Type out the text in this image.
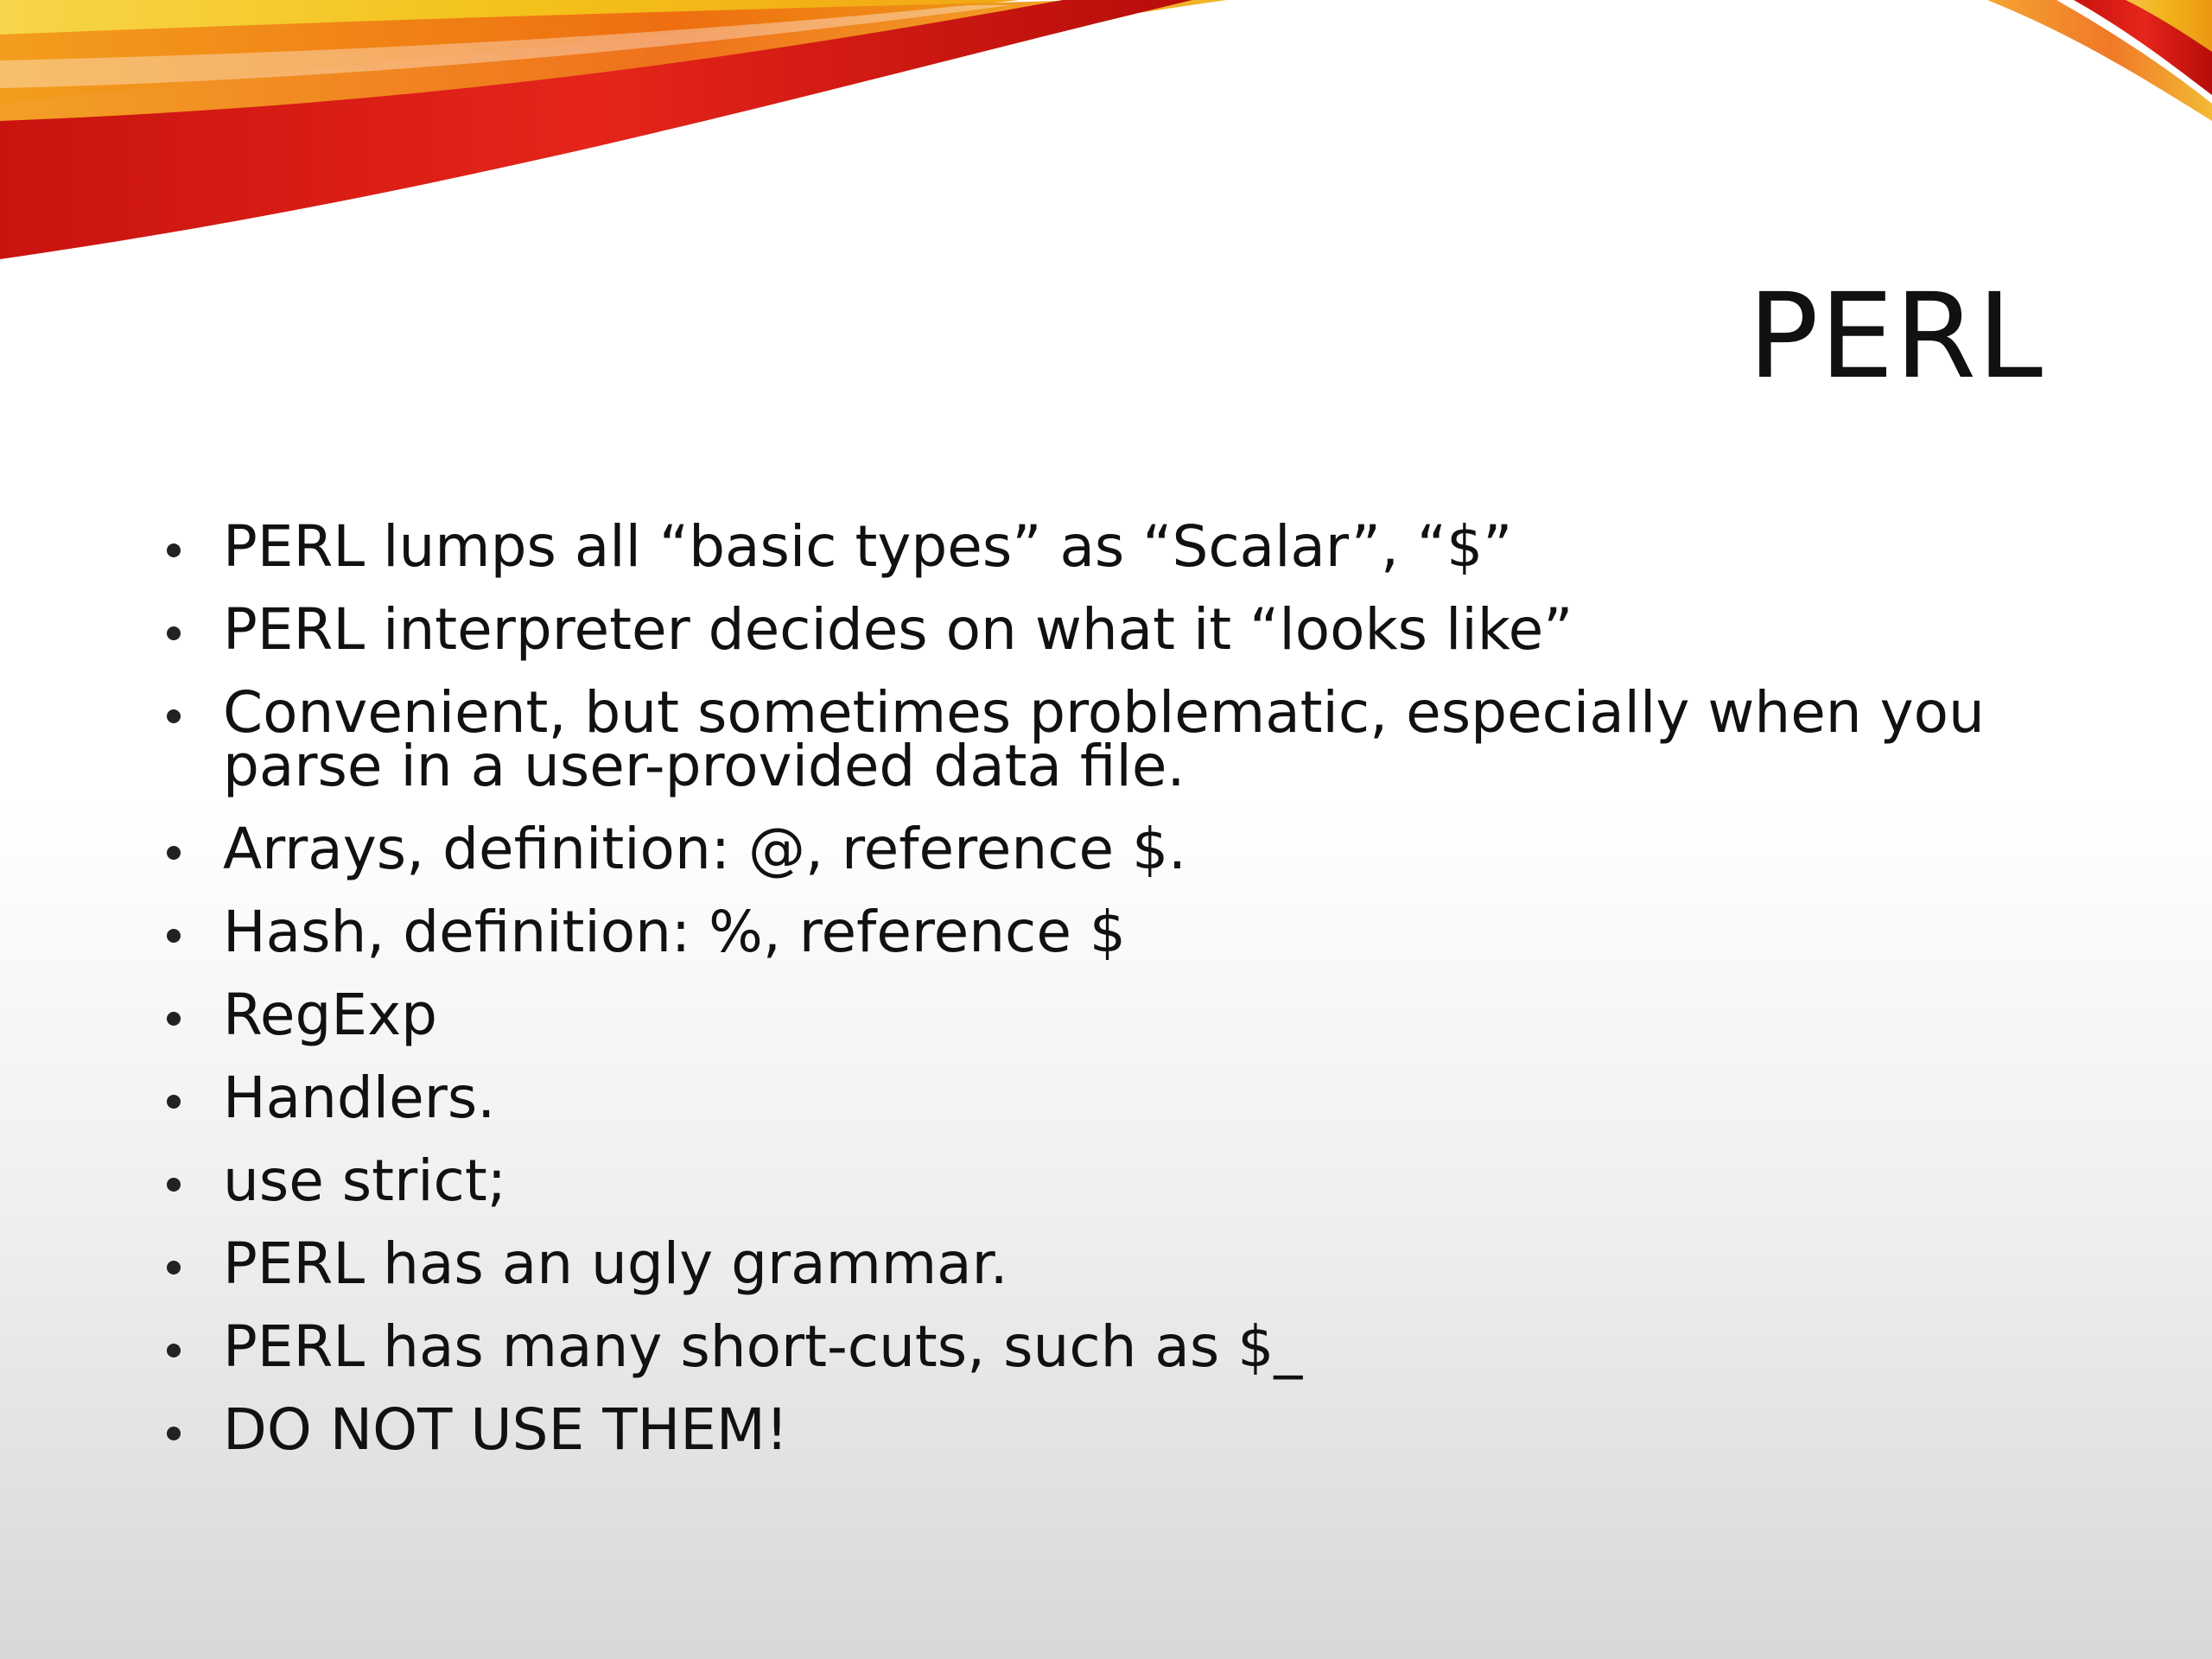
PERL
PERL lumps all “basic types” as “Scalar”, “$”
PERL interpreter decides on what it “looks like”
Convenient, but sometimes problematic, especially when you parse in a user-provided data file.
Arrays, definition: @, reference $.
Hash, definition: %, reference $
RegExp
Handlers.
use strict;
PERL has an ugly grammar.
PERL has many short-cuts, such as $_
DO NOT USE THEM!
